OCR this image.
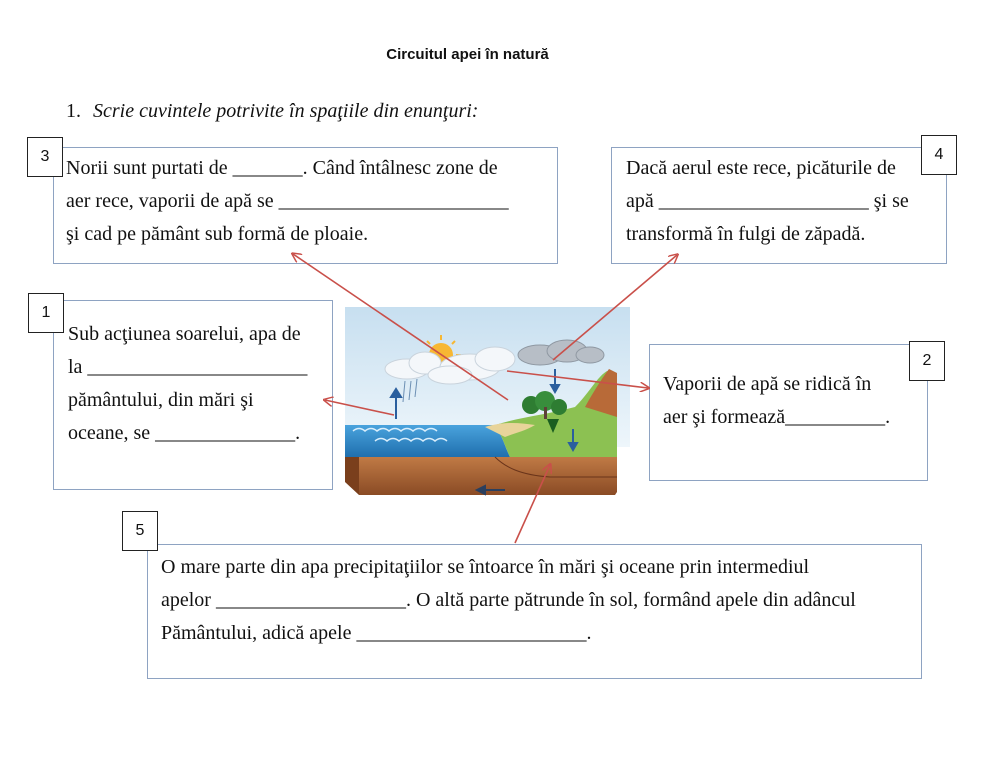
Circuitul apei în natură
1. Scrie cuvintele potrivite în spaţiile din enunţuri:
Norii sunt purtati de _______. Când întâlnesc zone de
aer rece, vaporii de apă se _______________________
şi cad pe pământ sub formă de ploaie.
3
Dacă aerul este rece, picăturile de
apă _____________________ şi se
transformă în fulgi de zăpadă.
4
Sub acţiunea soarelui, apa de
la ______________________
pământului, din mări şi
oceane, se ______________.
1
Vaporii de apă se ridică în
aer şi formează__________.
2
O mare parte din apa precipitaţiilor se întoarce în mări şi oceane prin intermediul
apelor ___________________. O altă parte pătrunde în sol, formând apele din adâncul
Pământului, adică apele _______________________.
5
